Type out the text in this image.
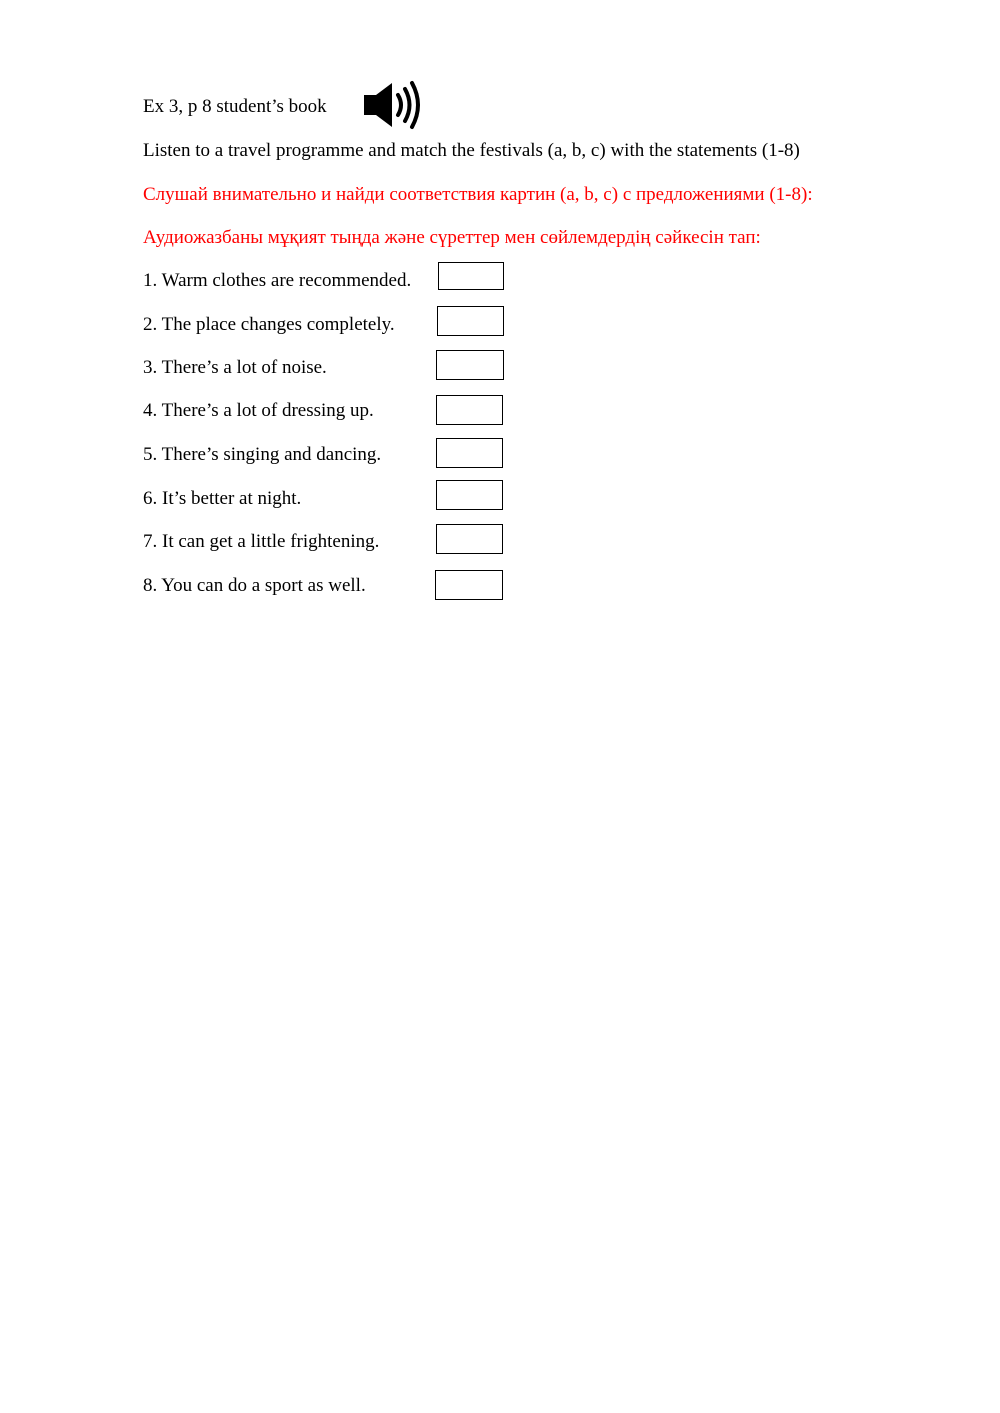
Ex 3, p 8 student’s book
Listen to a travel programme and match the festivals (a, b, c) with the statements (1-8)
Слушай внимательно и найди соответствия картин (a, b, c) с предложениями (1-8):
Аудиожазбаны мұқият тыңда және сүреттер мен сөйлемдердің сәйкесін тап:
1. Warm clothes are recommended.
2. The place changes completely.
3. There’s a lot of noise.
4. There’s a lot of dressing up.
5. There’s singing and dancing.
6. It’s better at night.
7. It can get a little frightening.
8. You can do a sport as well.
